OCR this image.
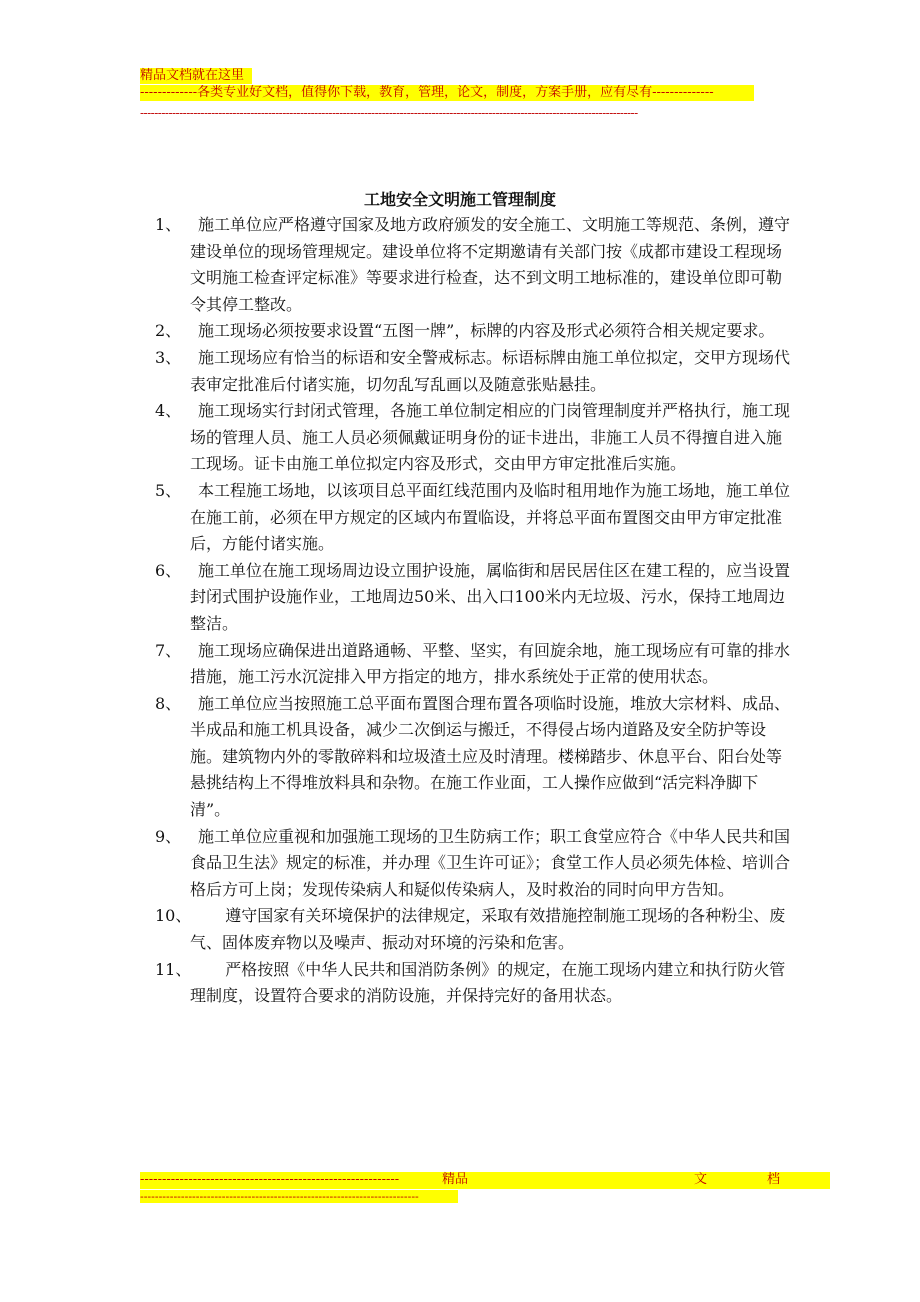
精品文档就在这里
-------------各类专业好文档，值得你下载，教育，管理，论文，制度，方案手册，应有尽有--------------
--------------------------------------------------------------------------------------------------------------------------------------------
工地安全文明施工管理制度
1、	施工单位应严格遵守国家及地方政府颁发的安全施工、文明施工等规范、条例，遵守建设单位的现场管理规定。建设单位将不定期邀请有关部门按《成都市建设工程现场文明施工检查评定标准》等要求进行检查，达不到文明工地标准的，建设单位即可勒令其停工整改。
2、	施工现场必须按要求设置“五图一牌”，标牌的内容及形式必须符合相关规定要求。
3、	施工现场应有恰当的标语和安全警戒标志。标语标牌由施工单位拟定，交甲方现场代表审定批准后付诸实施，切勿乱写乱画以及随意张贴悬挂。
4、	施工现场实行封闭式管理，各施工单位制定相应的门岗管理制度并严格执行，施工现场的管理人员、施工人员必须佩戴证明身份的证卡进出，非施工人员不得擅自进入施工现场。证卡由施工单位拟定内容及形式，交由甲方审定批准后实施。
5、	本工程施工场地，以该项目总平面红线范围内及临时租用地作为施工场地，施工单位在施工前，必须在甲方规定的区域内布置临设，并将总平面布置图交由甲方审定批准后，方能付诸实施。
6、	施工单位在施工现场周边设立围护设施，属临街和居民居住区在建工程的，应当设置封闭式围护设施作业，工地周边50米、出入口100米内无垃圾、污水，保持工地周边整洁。
7、	施工现场应确保进出道路通畅、平整、坚实，有回旋余地，施工现场应有可靠的排水措施，施工污水沉淀排入甲方指定的地方，排水系统处于正常的使用状态。
8、	施工单位应当按照施工总平面布置图合理布置各项临时设施，堆放大宗材料、成品、半成品和施工机具设备，减少二次倒运与搬迁，不得侵占场内道路及安全防护等设施。建筑物内外的零散碎料和垃圾渣土应及时清理。楼梯踏步、休息平台、阳台处等悬挑结构上不得堆放料具和杂物。在施工作业面，工人操作应做到“活完料净脚下清”。
9、	施工单位应重视和加强施工现场的卫生防病工作；职工食堂应符合《中华人民共和国食品卫生法》规定的标准，并办理《卫生许可证》；食堂工作人员必须先体检、培训合格后方可上岗；发现传染病人和疑似传染病人，及时救治的同时向甲方告知。
10、	遵守国家有关环境保护的法律规定，采取有效措施控制施工现场的各种粉尘、废气、固体废弃物以及噪声、振动对环境的污染和危害。
11、	严格按照《中华人民共和国消防条例》的规定，在施工现场内建立和执行防火管理制度，设置符合要求的消防设施，并保持完好的备用状态。
-----------------------------------------------------------	精 品	文	档
---------------------------------------------------------------------------
